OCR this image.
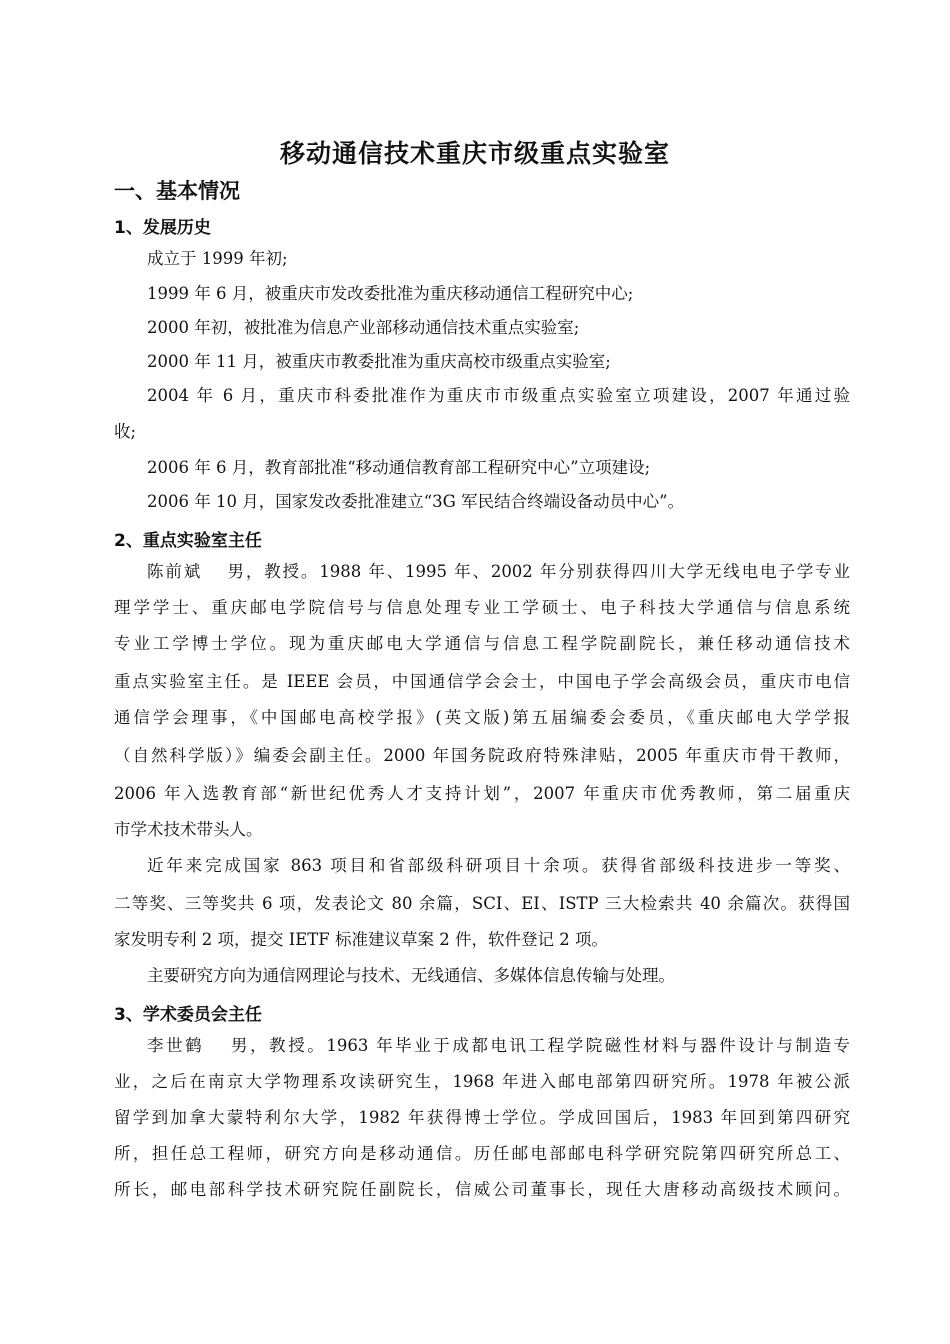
移动通信技术重庆市级重点实验室
一、基本情况
1、发展历史
成立于 1999 年初;
1999 年 6 月，被重庆市发改委批准为重庆移动通信工程研究中心;
2000 年初，被批准为信息产业部移动通信技术重点实验室;
2000 年 11 月，被重庆市教委批准为重庆高校市级重点实验室;
2004 年 6 月，重庆市科委批准作为重庆市市级重点实验室立项建设，2007 年通过验
收;
2006 年 6 月，教育部批准“移动通信教育部工程研究中心”立项建设;
2006 年 10 月，国家发改委批准建立“3G 军民结合终端设备动员中心”。
2、重点实验室主任
陈前斌　 男，教授。1988 年、1995 年、2002 年分别获得四川大学无线电电子学专业
理学学士、重庆邮电学院信号与信息处理专业工学硕士、电子科技大学通信与信息系统
专业工学博士学位。现为重庆邮电大学通信与信息工程学院副院长，兼任移动通信技术
重点实验室主任。是 IEEE 会员，中国通信学会会士，中国电子学会高级会员，重庆市电信
通信学会理事，《中国邮电高校学报》(英文版)第五届编委会委员，《重庆邮电大学学报
（自然科学版）》编委会副主任。2000 年国务院政府特殊津贴，2005 年重庆市骨干教师，
2006 年入选教育部“新世纪优秀人才支持计划”，2007 年重庆市优秀教师，第二届重庆
市学术技术带头人。
近年来完成国家 863 项目和省部级科研项目十余项。获得省部级科技进步一等奖、
二等奖、三等奖共 6 项，发表论文 80 余篇，SCI、EI、ISTP 三大检索共 40 余篇次。获得国
家发明专利 2 项，提交 IETF 标准建议草案 2 件，软件登记 2 项。
主要研究方向为通信网理论与技术、无线通信、多媒体信息传输与处理。
3、学术委员会主任
李世鹤　 男，教授。1963 年毕业于成都电讯工程学院磁性材料与器件设计与制造专
业，之后在南京大学物理系攻读研究生，1968 年进入邮电部第四研究所。1978 年被公派
留学到加拿大蒙特利尔大学，1982 年获得博士学位。学成回国后，1983 年回到第四研究
所，担任总工程师，研究方向是移动通信。历任邮电部邮电科学研究院第四研究所总工、
所长，邮电部科学技术研究院任副院长，信威公司董事长，现任大唐移动高级技术顾问。
